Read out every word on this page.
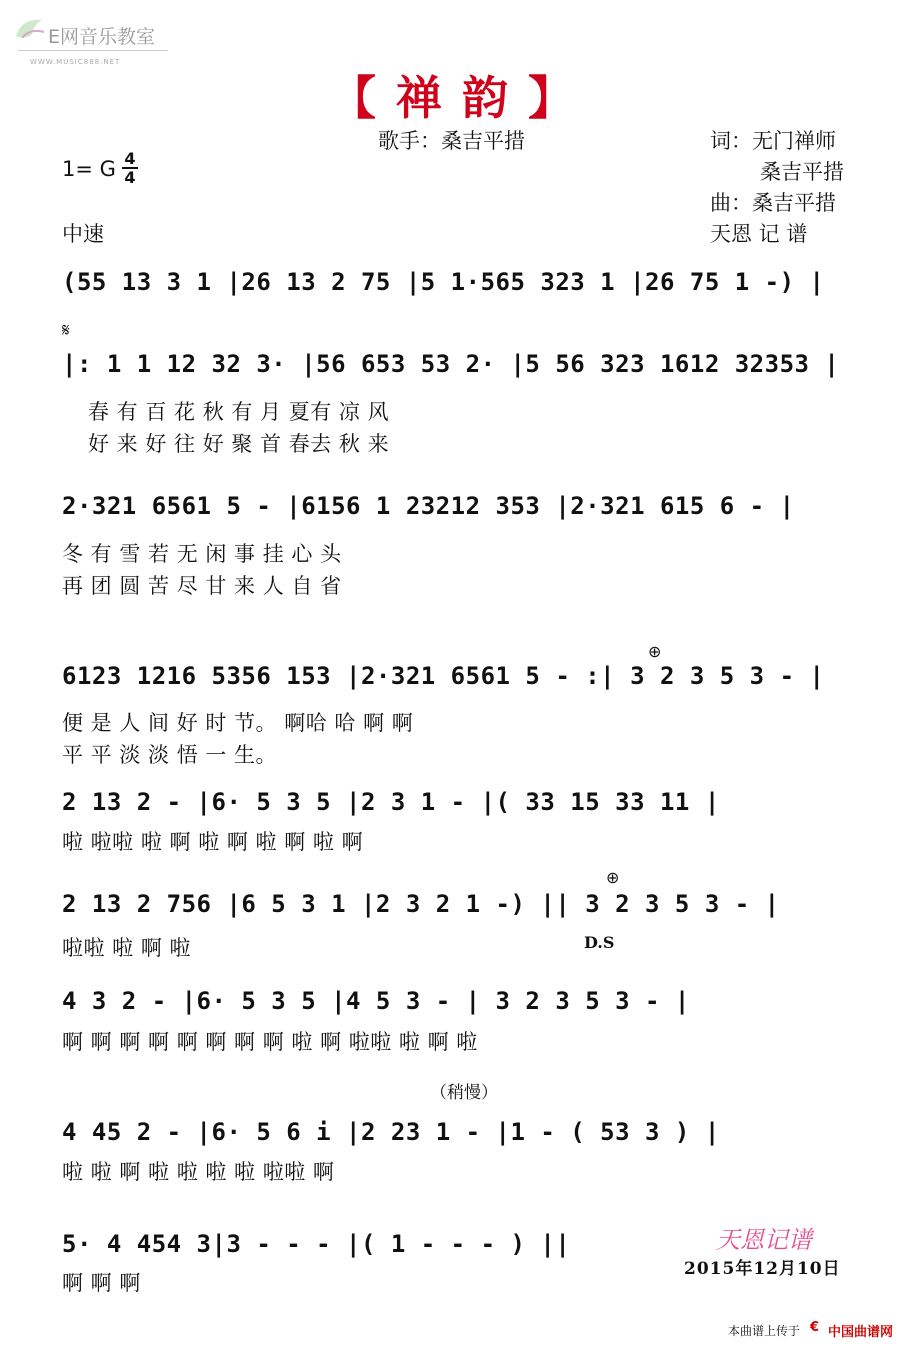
E网音乐教室
WWW.MUSIC888.NET
【 禅 韵 】
歌手：桑吉平措	词：无门禅师
桑吉平措
曲：桑吉平措
天恩 记 谱
1= G 4
4
中速
𝄋
⊕
⊕
(55 13 3 1 |26 13 2 75 |5 1·565 323 1 |26 75 1 -) |
|: 1 1 12 32 3· |56 653 53 2· |5 56 323 1612 32353 |
春 有 百 花 秋 有 月 夏有 凉 风
好 来 好 往 好 聚 首 春去 秋 来
2·321 6561 5 - |6156 1 23212 353 |2·321 615 6 - |
冬 有 雪 若 无 闲 事 挂 心 头
再 团 圆 苦 尽 甘 来 人 自 省
6123 1216 5356 153 |2·321 6561 5 - :| 3 2 3 5 3 - |
便 是 人 间 好 时 节。 啊哈 哈 啊 啊
平 平 淡 淡 悟 一 生。
2 13 2 - |6· 5 3 5 |2 3 1 - |( 33 15 33 11 |
啦 啦啦 啦 啊 啦 啊 啦 啊 啦 啊
2 13 2 756 |6 5 3 1 |2 3 2 1 -) || 3 2 3 5 3 - |
D.S
啦啦 啦 啊 啦
4 3 2 - |6· 5 3 5 |4 5 3 - | 3 2 3 5 3 - |
啊 啊 啊 啊 啊 啊 啊 啊 啦 啊 啦啦 啦 啊 啦
（稍慢）
4 45 2 - |6· 5 6 i |2 23 1 - |1 - ( 53 3 ) |
啦 啦 啊 啦 啦 啦 啦 啦啦 啊
5· 4 454 3|3 - - - |( 1 - - - ) ||
啊 啊 啊
天恩记谱
2015年12月10日
本曲谱上传于 € 中国曲谱网
